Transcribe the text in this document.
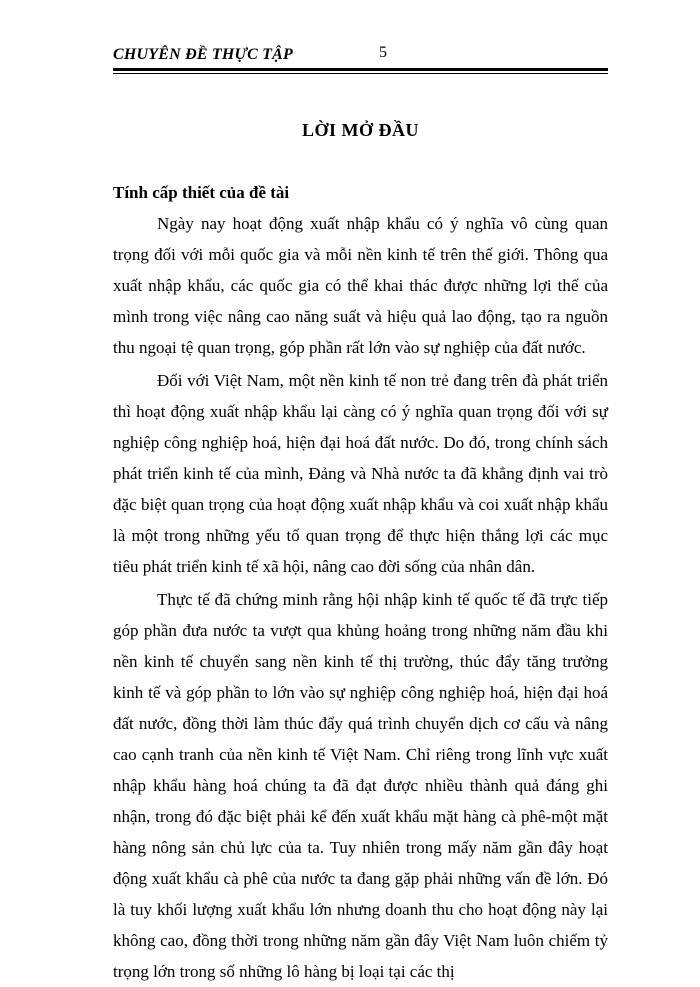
CHUYÊN ĐỀ THỰC TẬP	5
LỜI MỞ ĐẦU

Tính cấp thiết của đề tài

Ngày nay hoạt động xuất nhập khẩu có ý nghĩa vô cùng quan trọng đối với mỗi quốc gia và mỗi nền kinh tế trên thế giới. Thông qua xuất nhập khẩu, các quốc gia có thể khai thác được những lợi thế của mình trong việc nâng cao năng suất và hiệu quả lao động, tạo ra nguồn thu ngoại tệ quan trọng, góp phần rất lớn vào sự nghiệp của đất nước.

Đối với Việt Nam, một nền kinh tế non trẻ đang trên đà phát triển thì hoạt động xuất nhập khẩu lại càng có ý nghĩa quan trọng đối với sự nghiệp công nghiệp hoá, hiện đại hoá đất nước. Do đó, trong chính sách phát triển kinh tế của mình, Đảng và Nhà nước ta đã khẳng định vai trò đặc biệt quan trọng của hoạt động xuất nhập khẩu và coi xuất nhập khẩu là một trong những yếu tố quan trọng để thực hiện thắng lợi các mục tiêu phát triển kinh tế xã hội, nâng cao đời sống của nhân dân.

Thực tế đã chứng minh rằng hội nhập kinh tế quốc tế đã trực tiếp góp phần đưa nước ta vượt qua khủng hoảng trong những năm đầu khi nền kinh tế chuyển sang nền kinh tế thị trường, thúc đẩy tăng trưởng kinh tế và góp phần to lớn vào sự nghiệp công nghiệp hoá, hiện đại hoá đất nước, đồng thời làm thúc đẩy quá trình chuyển dịch cơ cấu và nâng cao cạnh tranh của nền kinh tế Việt Nam. Chỉ riêng trong lĩnh vực xuất nhập khẩu hàng hoá chúng ta đã đạt được nhiều thành quả đáng ghi nhận, trong đó đặc biệt phải kể đến xuất khẩu mặt hàng cà phê-một mặt hàng nông sản chủ lực của ta. Tuy nhiên trong mấy năm gần đây hoạt động xuất khẩu cà phê của nước ta đang gặp phải những vấn đề lớn. Đó là tuy khối lượng xuất khẩu lớn nhưng doanh thu cho hoạt động này lại không cao, đồng thời trong những năm gần đây Việt Nam luôn chiếm tỷ trọng lớn trong số những lô hàng bị loại tại các thị
